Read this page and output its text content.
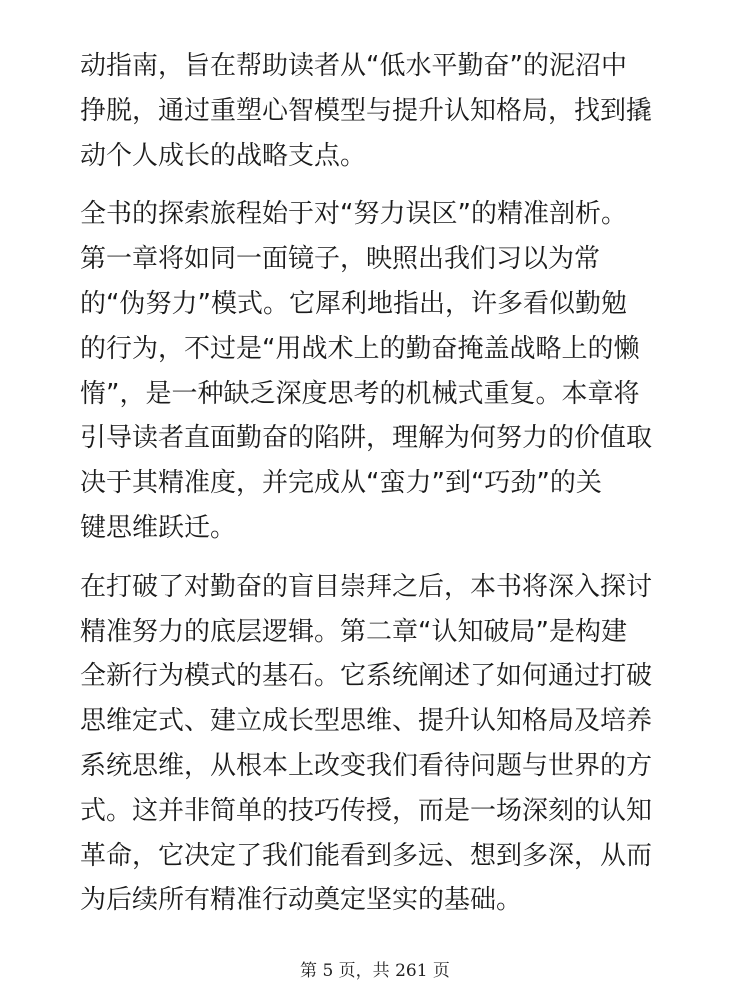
动指南，旨在帮助读者从“低水平勤奋”的泥沼中
挣脱，通过重塑心智模型与提升认知格局，找到撬
动个人成长的战略支点。

全书的探索旅程始于对“努力误区”的精准剖析。
第一章将如同一面镜子，映照出我们习以为常
的“伪努力”模式。它犀利地指出，许多看似勤勉
的行为，不过是“用战术上的勤奋掩盖战略上的懒
惰”，是一种缺乏深度思考的机械式重复。本章将
引导读者直面勤奋的陷阱，理解为何努力的价值取
决于其精准度，并完成从“蛮力”到“巧劲”的关
键思维跃迁。

在打破了对勤奋的盲目崇拜之后，本书将深入探讨
精准努力的底层逻辑。第二章“认知破局”是构建
全新行为模式的基石。它系统阐述了如何通过打破
思维定式、建立成长型思维、提升认知格局及培养
系统思维，从根本上改变我们看待问题与世界的方
式。这并非简单的技巧传授，而是一场深刻的认知
革命，它决定了我们能看到多远、想到多深，从而
为后续所有精准行动奠定坚实的基础。

第 5 页，共 261 页
